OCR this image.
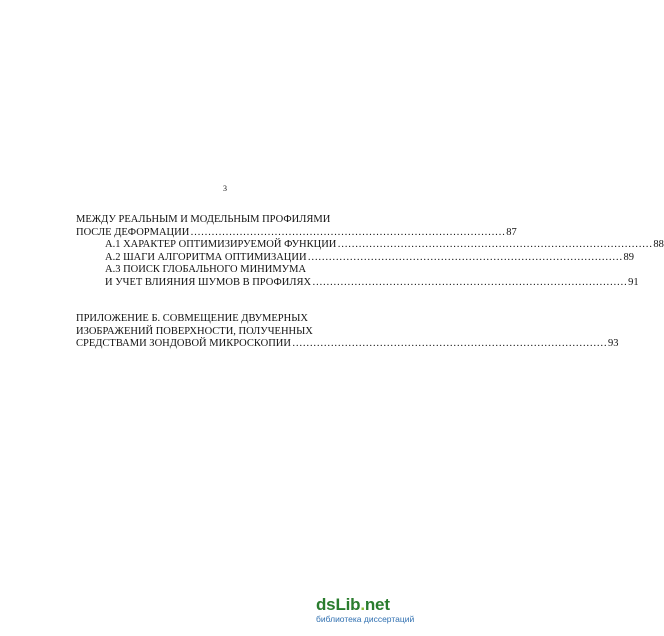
3
МЕЖДУ РЕАЛЬНЫМ И МОДЕЛЬНЫМ ПРОФИЛЯМИ
ПОСЛЕ ДЕФОРМАЦИИ ……………………………………………………………………………… 87
А.1 ХАРАКТЕР ОПТИМИЗИРУЕМОЙ ФУНКЦИИ ……………………………………………………………………………… 88
А.2 ШАГИ АЛГОРИТМА ОПТИМИЗАЦИИ ……………………………………………………………………………… 89
А.3 ПОИСК ГЛОБАЛЬНОГО МИНИМУМА
И УЧЕТ ВЛИЯНИЯ ШУМОВ В ПРОФИЛЯХ ……………………………………………………………………………… 91
ПРИЛОЖЕНИЕ Б. СОВМЕЩЕНИЕ ДВУМЕРНЫХ
ИЗОБРАЖЕНИЙ ПОВЕРХНОСТИ, ПОЛУЧЕННЫХ
СРЕДСТВАМИ ЗОНДОВОЙ МИКРОСКОПИИ ……………………………………………………………………………… 93
dsLib.net
библиотека диссертаций
